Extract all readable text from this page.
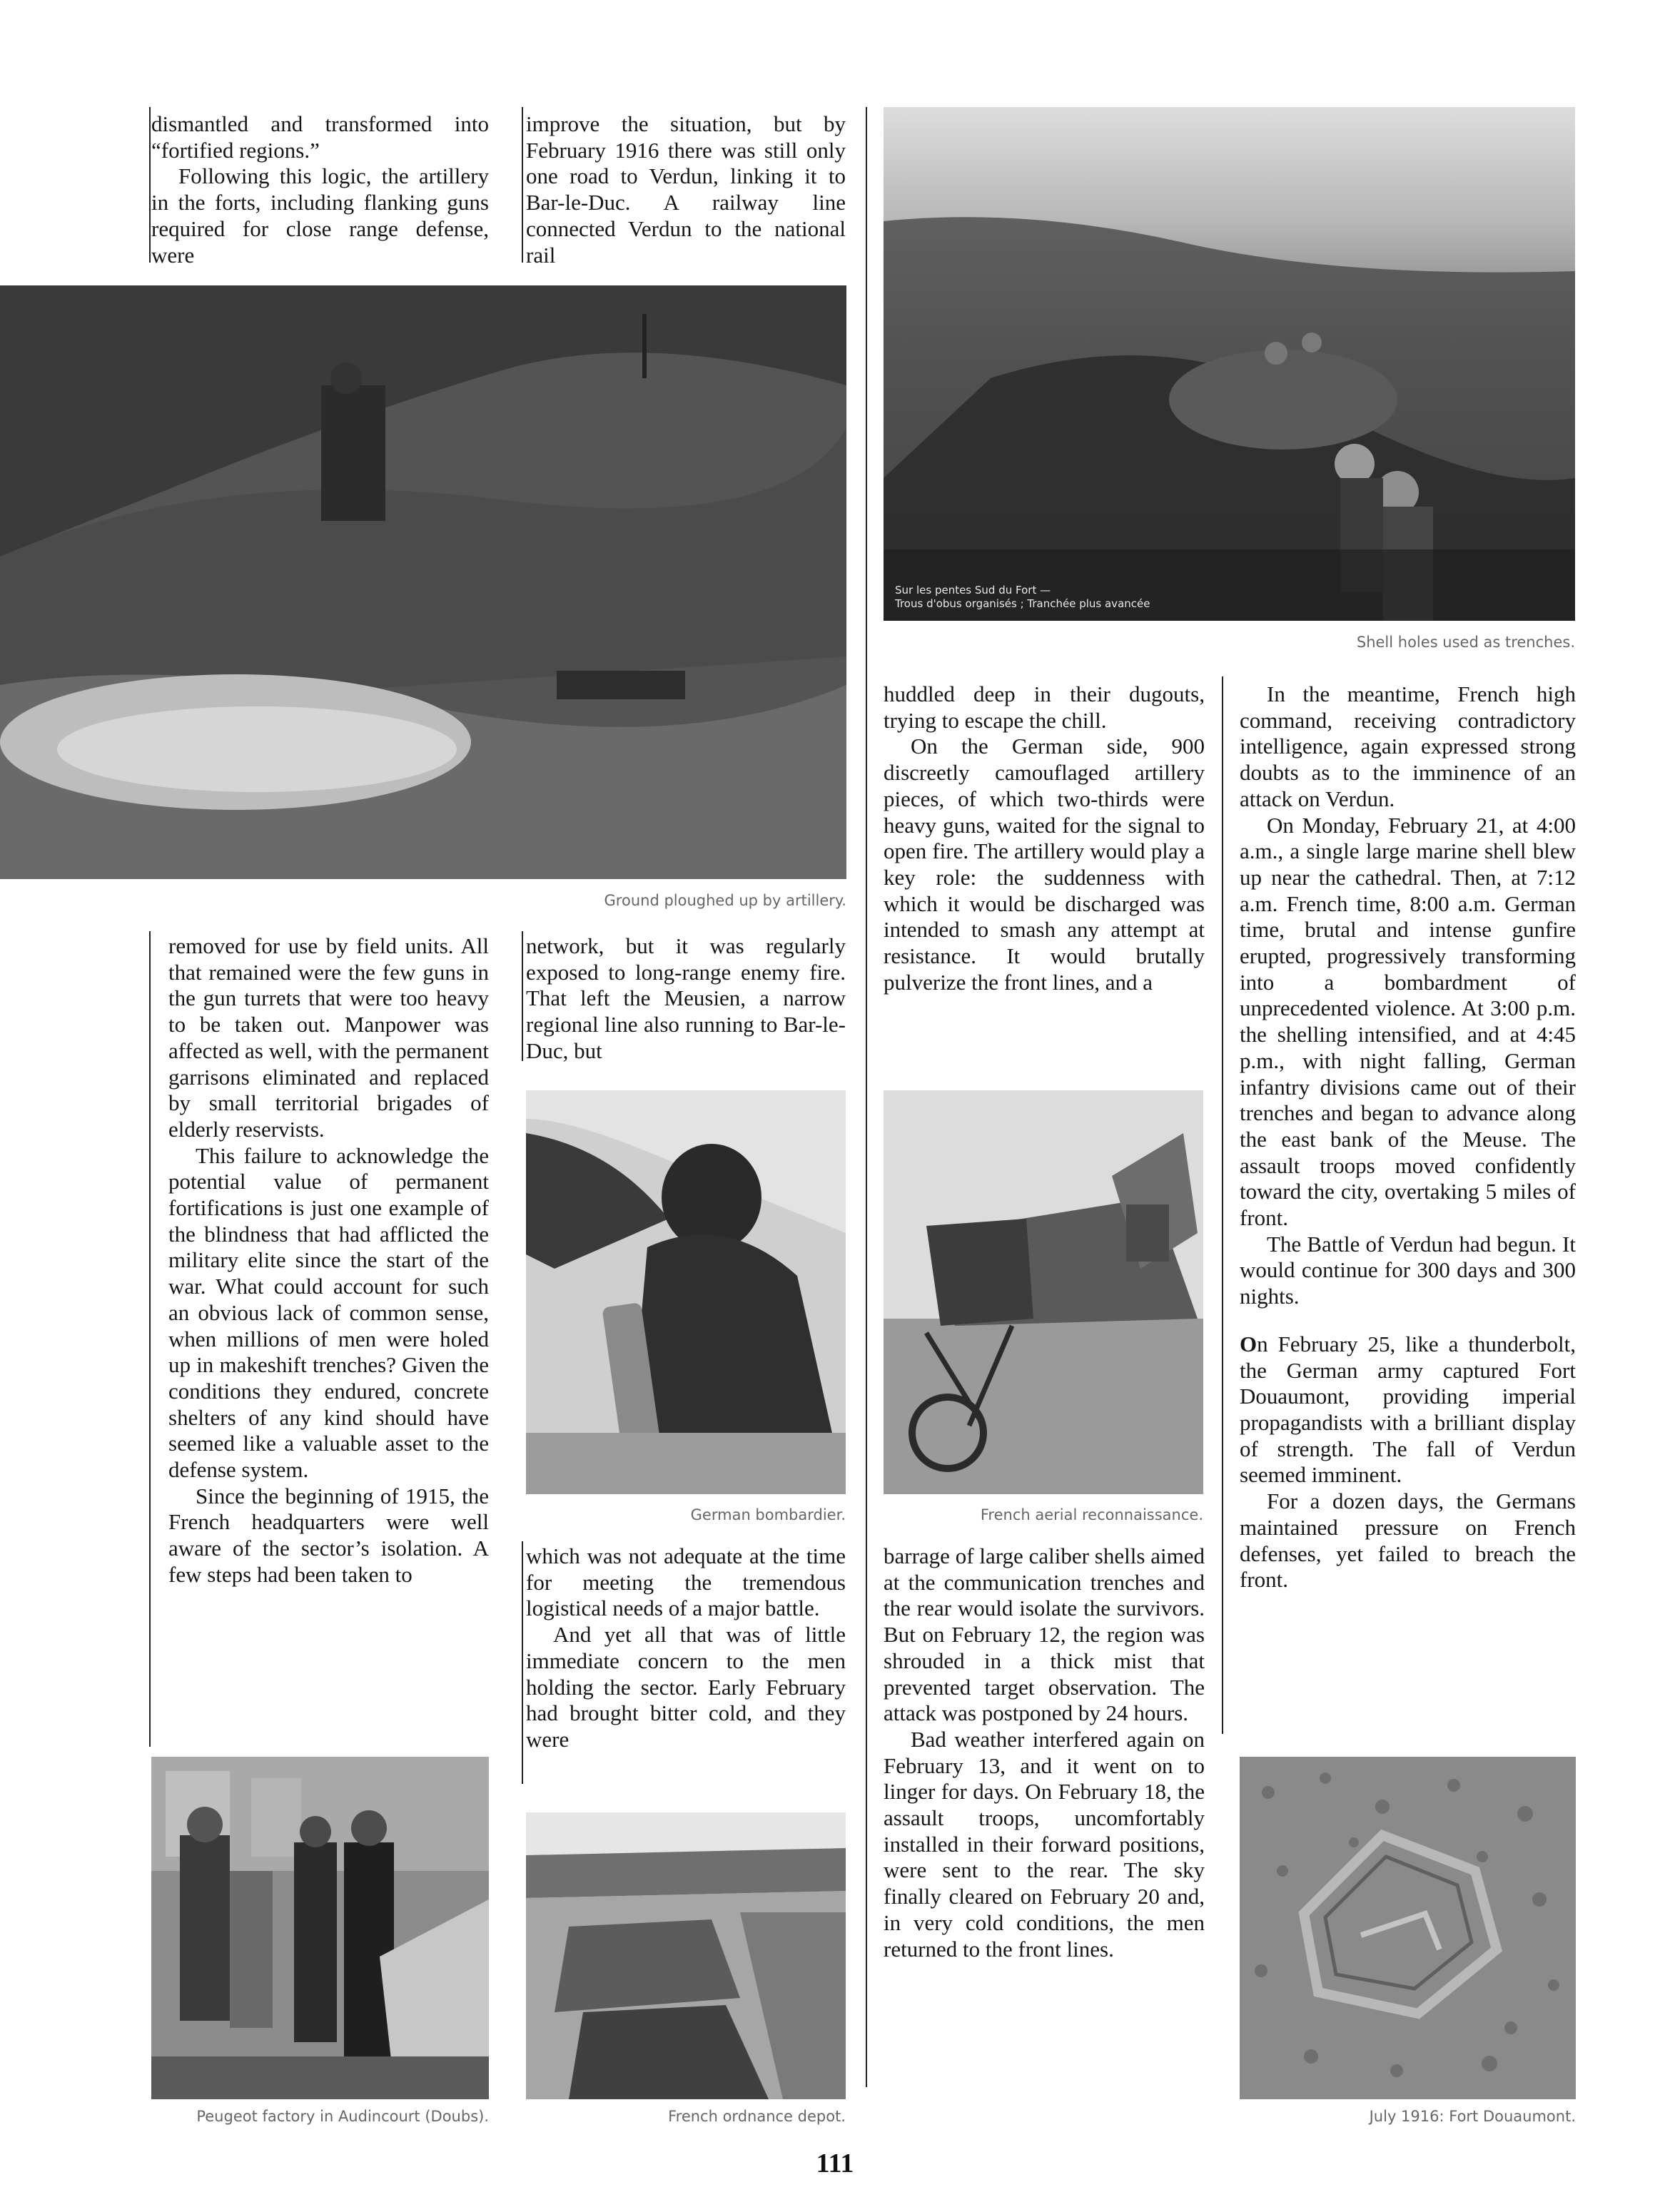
dismantled and transformed into “fortified regions.”

Following this logic, the artillery in the forts, including flanking guns required for close range defense, were

improve the situation, but by February 1916 there was still only one road to Verdun, linking it to Bar-le-Duc. A railway line connected Verdun to the national rail

Sur les pentes Sud du Fort —
Trous d'obus organisés ; Tranchée plus avancée
Shell holes used as trenches.
Ground ploughed up by artillery.

removed for use by field units. All that remained were the few guns in the gun turrets that were too heavy to be taken out. Manpower was affected as well, with the permanent garrisons eliminated and replaced by small territorial brigades of elderly reservists.

This failure to acknowledge the potential value of permanent fortifications is just one example of the blindness that had afflicted the military elite since the start of the war. What could account for such an obvious lack of common sense, when millions of men were holed up in makeshift trenches? Given the conditions they endured, concrete shelters of any kind should have seemed like a valuable asset to the defense system.

Since the beginning of 1915, the French headquarters were well aware of the sector’s isolation. A few steps had been taken to

network, but it was regularly exposed to long-range enemy fire. That left the Meusien, a narrow regional line also running to Bar-le-Duc, but

German bombardier.

which was not adequate at the time for meeting the tremendous logistical needs of a major battle.

And yet all that was of little immediate concern to the men holding the sector. Early February had brought bitter cold, and they were

Peugeot factory in Audincourt (Doubs).	French ordnance depot.

huddled deep in their dugouts, trying to escape the chill.

On the German side, 900 discreetly camouflaged artillery pieces, of which two-thirds were heavy guns, waited for the signal to open fire. The artillery would play a key role: the suddenness with which it would be discharged was intended to smash any attempt at resistance. It would brutally pulverize the front lines, and a

French aerial reconnaissance.

barrage of large caliber shells aimed at the communication trenches and the rear would isolate the survivors. But on February 12, the region was shrouded in a thick mist that prevented target observation. The attack was postponed by 24 hours.

Bad weather interfered again on February 13, and it went on to linger for days. On February 18, the assault troops, uncomfortably installed in their forward positions, were sent to the rear. The sky finally cleared on February 20 and, in very cold conditions, the men returned to the front lines.

In the meantime, French high command, receiving contradictory intelligence, again expressed strong doubts as to the imminence of an attack on Verdun.

On Monday, February 21, at 4:00 a.m., a single large marine shell blew up near the cathedral. Then, at 7:12 a.m. French time, 8:00 a.m. German time, brutal and intense gunfire erupted, progressively transforming into a bombardment of unprecedented violence. At 3:00 p.m. the shelling intensified, and at 4:45 p.m., with night falling, German infantry divisions came out of their trenches and began to advance along the east bank of the Meuse. The assault troops moved confidently toward the city, overtaking 5 miles of front.

The Battle of Verdun had begun. It would continue for 300 days and 300 nights.

On February 25, like a thunderbolt, the German army captured Fort Douaumont, providing imperial propagandists with a brilliant display of strength. The fall of Verdun seemed imminent.

For a dozen days, the Germans maintained pressure on French defenses, yet failed to breach the front.

July 1916: Fort Douaumont.
111
